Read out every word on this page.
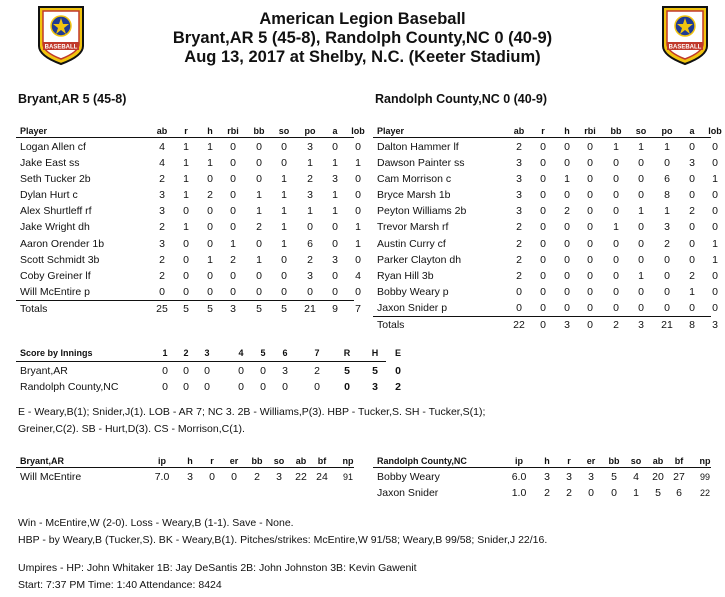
BASEBALL	BASEBALL
American Legion Baseball
Bryant,AR 5 (45-8), Randolph County,NC 0 (40-9)
Aug 13, 2017 at Shelby, N.C. (Keeter Stadium)
Bryant,AR 5 (45-8)	Randolph County,NC 0 (40-9)
Player	ab	r	h	rbi bb	so	po	a	lob
Logan Allen cf	4	1	1	0	0	0	3	0	0
Jake East ss	4	1	1	0	0	0	1	1	1
Seth Tucker 2b	2	1	0	0	0	1	2	3	0
Dylan Hurt c	3	1	2	0	1	1	3	1	0
Alex Shurtleff rf	3	0	0	0	1	1	1	1	0
Jake Wright dh	2	1	0	0	2	1	0	0	1
Aaron Orender 1b	3	0	0	1	0	1	6	0	1
Scott Schmidt 3b	2	0	1	2	1	0	2	3	0
Coby Greiner lf	2	0	0	0	0	0	3	0	4
Will McEntire p	0	0	0	0	0	0	0	0	0
Totals	25	5	5	3	5	5	21	9	7
Player	ab	r	h	rbi bb	so	po	a	lob
Dalton Hammer lf	2	0	0	0	1	1	1	0	0
Dawson Painter ss	3	0	0	0	0	0	0	3	0
Cam Morrison c	3	0	1	0	0	0	6	0	1
Bryce Marsh 1b	3	0	0	0	0	0	8	0	0
Peyton Williams 2b	3	0	2	0	0	1	1	2	0
Trevor Marsh rf	2	0	0	0	1	0	3	0	0
Austin Curry cf	2	0	0	0	0	0	2	0	1
Parker Clayton dh	2	0	0	0	0	0	0	0	1
Ryan Hill 3b	2	0	0	0	0	1	0	2	0
Bobby Weary p	0	0	0	0	0	0	0	1	0
Jaxon Snider p	0	0	0	0	0	0	0	0	0
Totals	22	0	3	0	2	3	21	8	3
Score by Innings	1	2	3	4	5	6	7	R	H	E
Bryant,AR	0	0	0	0	0	3	2	5	5	0
Randolph County,NC	0	0	0	0	0	0	0	0	3	2
E - Weary,B(1); Snider,J(1). LOB - AR 7; NC 3. 2B - Williams,P(3). HBP - Tucker,S. SH - Tucker,S(1);
Greiner,C(2). SB - Hurt,D(3). CS - Morrison,C(1).
Bryant,AR	ip	h	r	er	bb	so	ab	bf	np
Will McEntire	7.0	3	0	0	2	3	22 24	91
Randolph County,NC	ip	h	r	er	bb	so	ab	bf	np
Bobby Weary	6.0	3	3	3	5	4	20 27	99
Jaxon Snider	1.0	2	2	0	0	1	5	6	22
Win - McEntire,W (2-0). Loss - Weary,B (1-1). Save - None.
HBP - by Weary,B (Tucker,S). BK - Weary,B(1). Pitches/strikes: McEntire,W 91/58; Weary,B 99/58; Snider,J 22/16.
Umpires - HP: John Whitaker 1B: Jay DeSantis 2B: John Johnston 3B: Kevin Gawenit
Start: 7:37 PM Time: 1:40 Attendance: 8424
